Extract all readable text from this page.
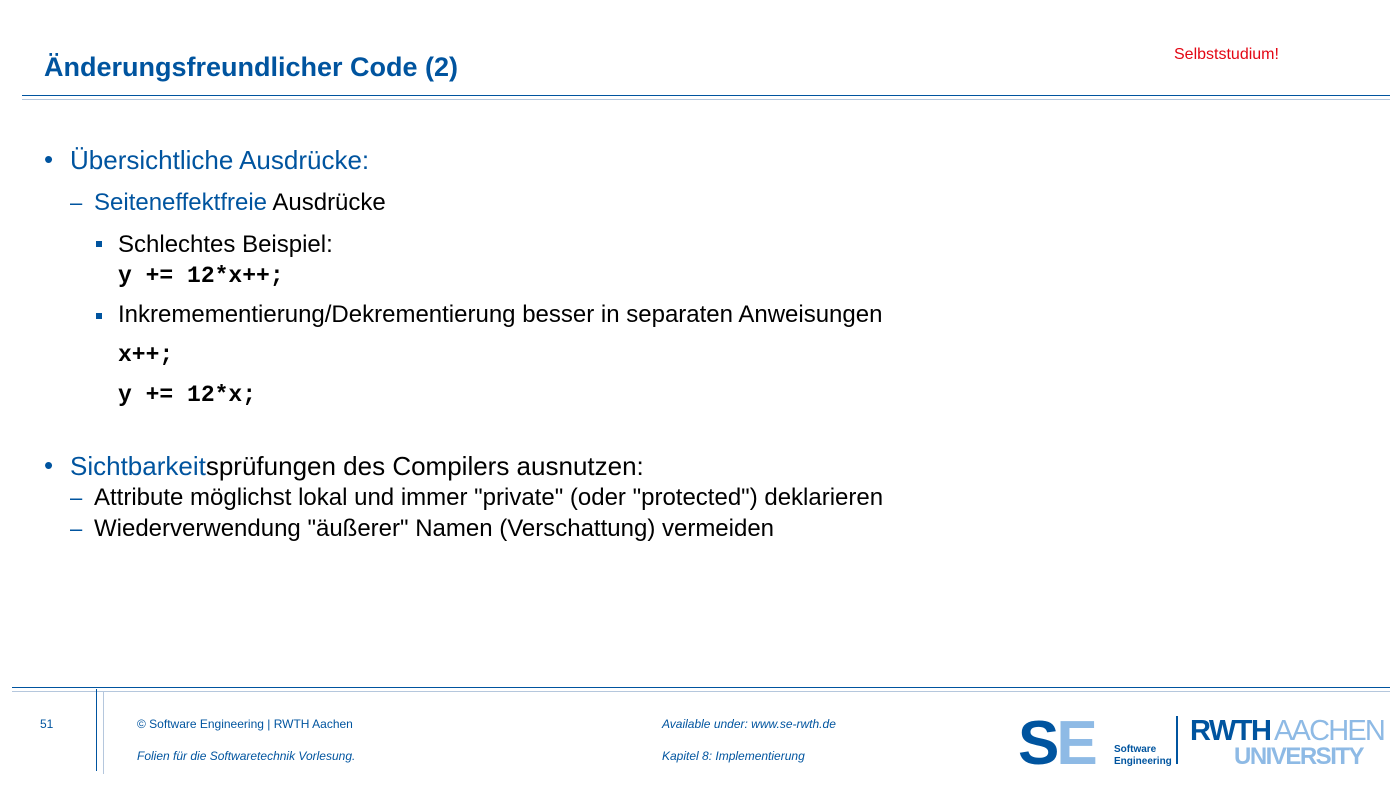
Änderungsfreundlicher Code (2)	Selbststudium!
• Übersichtliche Ausdrücke:
– Seiteneffektfreie Ausdrücke
Schlechtes Beispiel:
y += 12*x++;
Inkremementierung/Dekrementierung besser in separaten Anweisungen
x++;
y += 12*x;
• Sichtbarkeitsprüfungen des Compilers ausnutzen:
– Attribute möglichst lokal und immer "private" (oder "protected") deklarieren
– Wiederverwendung "äußerer" Namen (Verschattung) vermeiden
51	© Software Engineering | RWTH Aachen
Folien für die Softwaretechnik Vorlesung.
Available under: www.se-rwth.de
Kapitel 8: Implementierung	SE Software
Engineering
RWTH AACHEN
UNIVERSITY
